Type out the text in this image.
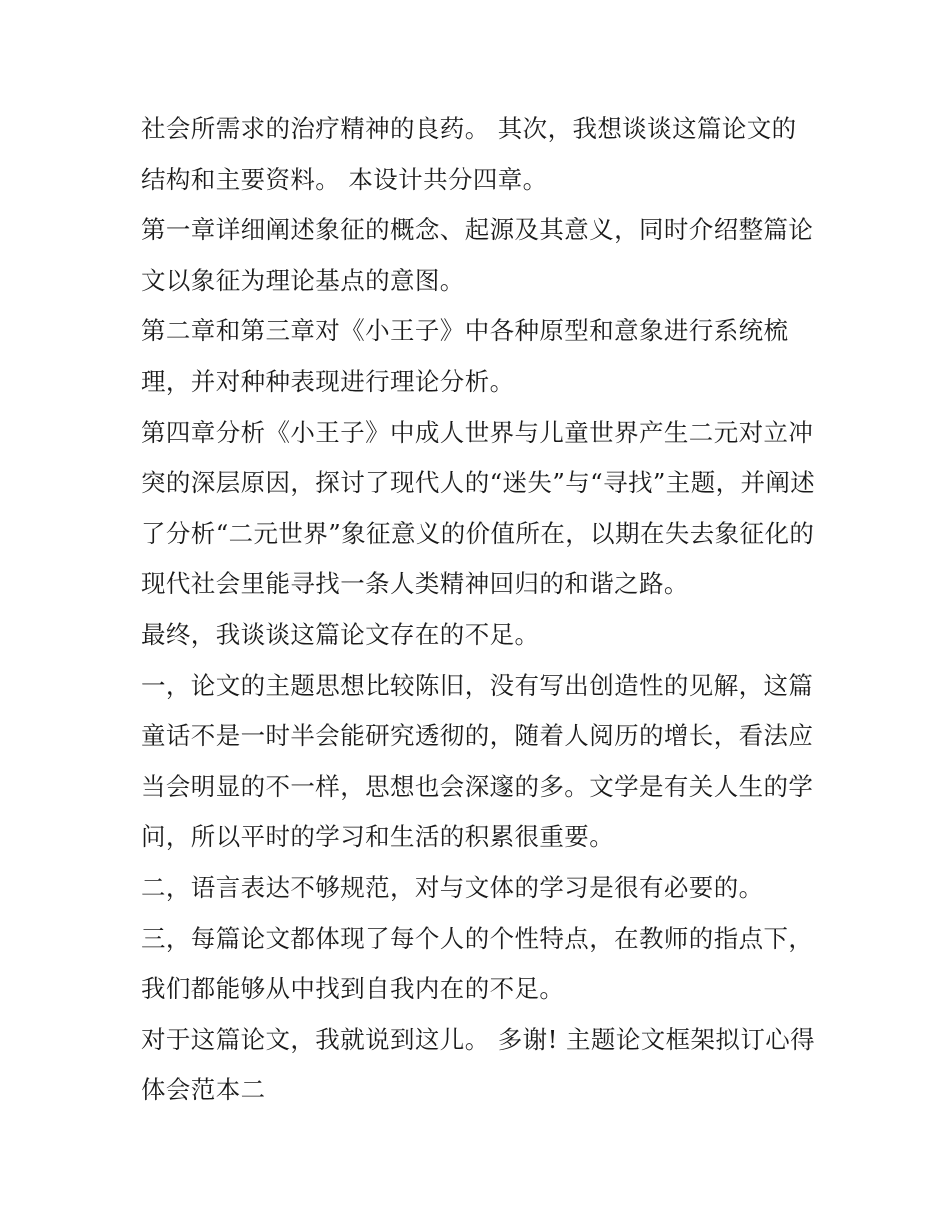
社会所需求的治疗精神的良药。 其次，我想谈谈这篇论文的
结构和主要资料。 本设计共分四章。
第一章详细阐述象征的概念、起源及其意义，同时介绍整篇论
文以象征为理论基点的意图。
第二章和第三章对《小王子》中各种原型和意象进行系统梳
理，并对种种表现进行理论分析。
第四章分析《小王子》中成人世界与儿童世界产生二元对立冲
突的深层原因，探讨了现代人的“迷失”与“寻找”主题，并阐述
了分析“二元世界”象征意义的价值所在，以期在失去象征化的
现代社会里能寻找一条人类精神回归的和谐之路。
最终，我谈谈这篇论文存在的不足。
一，论文的主题思想比较陈旧，没有写出创造性的见解，这篇
童话不是一时半会能研究透彻的，随着人阅历的增长，看法应
当会明显的不一样，思想也会深邃的多。文学是有关人生的学
问，所以平时的学习和生活的积累很重要。
二，语言表达不够规范，对与文体的学习是很有必要的。
三，每篇论文都体现了每个人的个性特点，在教师的指点下，
我们都能够从中找到自我内在的不足。
对于这篇论文，我就说到这儿。 多谢! 主题论文框架拟订心得
体会范本二
